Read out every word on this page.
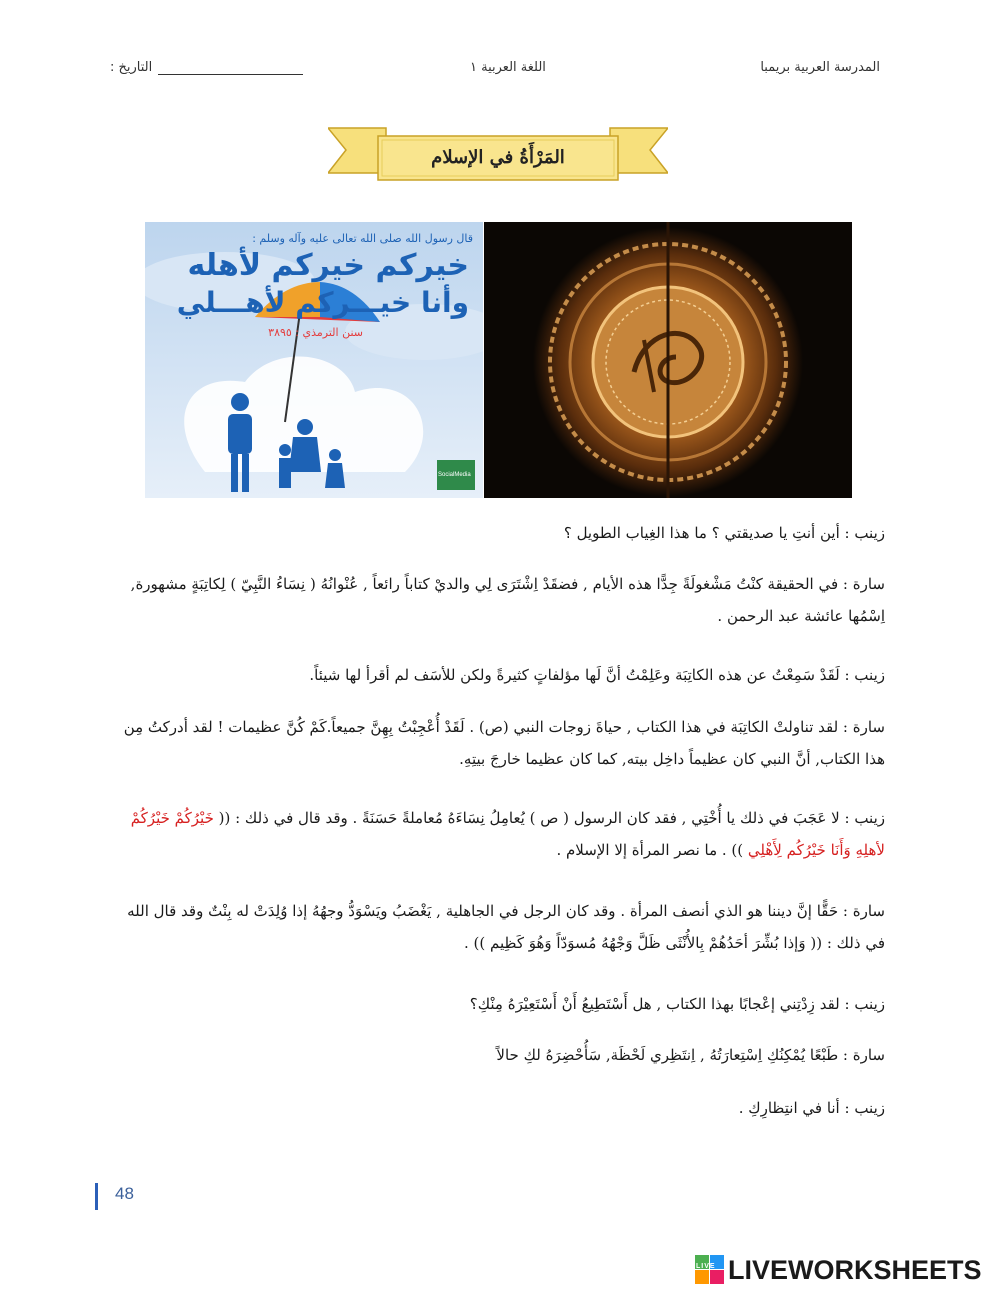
المدرسة العربية بريمبا
اللغة العربية ١
التاريخ :
المَرْأَةُ في الإسلام
قال رسول الله صلى الله تعالى عليه وآله وسلم :
خيركم خيركم لأهله
وأنا خيـــركم لأهـــلي
سنن الترمذي : ٣٨٩٥
SocialMedia
زينب : أين أنتِ يا صديقتي ؟ ما هذا الغِياب الطويل ؟
سارة : في الحقيقة كنْتُ مَشْغولَةً جِدًّا هذه الأيام , فضقَدْ اِشْتَرَى لِي والديْ كتاباً رائعاً , عُنْوانُهُ ( نِسَاءُ النَّبِيّ ) لِكاتِبَةٍ مشهورة, اِسْمُها عائشة عبد الرحمن .
زينب : لَقَدْ سَمِعْتُ عن هذه الكاتِبَة وعَلِمْتُ أنَّ لَها مؤلفاتٍ كثيرةً ولكن للأسَف لم أقرأ لها شيئاً.
سارة : لقد تناولتْ الكاتِبَة في هذا الكتاب , حياةَ زوجات النبي (ص) . لَقَدْ أُعْجِبْتُ بِهِنَّ جميعاً.كَمْ كُنَّ عظيمات ! لقد أدركتُ مِن هذا الكتاب, أنَّ النبي كان عظيماً داخِل بيته, كما كان عظيما خارجَ بيتِهِ.
زينب : لا عَجَبَ في ذلك يا أُخْتِي , فقد كان الرسول ( ص ) يُعامِلُ نِسَاءَهُ مُعاملةً حَسَنَةً . وقد قال في ذلك : (( خَيْرُكُمْ خَيْرُكُمْ لأهلِهِ وَأَنَا خَيْرُكُم لِأَهْلِي )) . ما نصر المرأة إلا الإسلام .
سارة : حَقًّا إنَّ ديننا هو الذي أنصف المرأة . وقد كان الرجل في الجاهلية , يَغْضَبُ ويَسْوَدُّ وجهُهُ إذا وُلِدَتْ له بِنْتٌ وقد قال الله في ذلك : (( وَإذا بُشِّرَ أحَدُهُمْ بِالأُنْثَى ظَلَّ وَجْهُهُ مُسوَدّاً وَهُوَ كَظِيم )) .
زينب : لقد زِدْتِني إعْجابًا بهذا الكتاب , هل أَسْتَطِيعُ أَنْ أَسْتَعِيْرَهُ مِنْكِ؟
سارة : طَبْعًا يُمْكِنُكِ اِسْتِعارَتُهُ , اِنتَظِري لَحْظَة, سَأُحْضِرَهُ لكِ حالاً
زينب : أنا في انتِظارِكِ .
48
LIVE LIVEWORKSHEETS
